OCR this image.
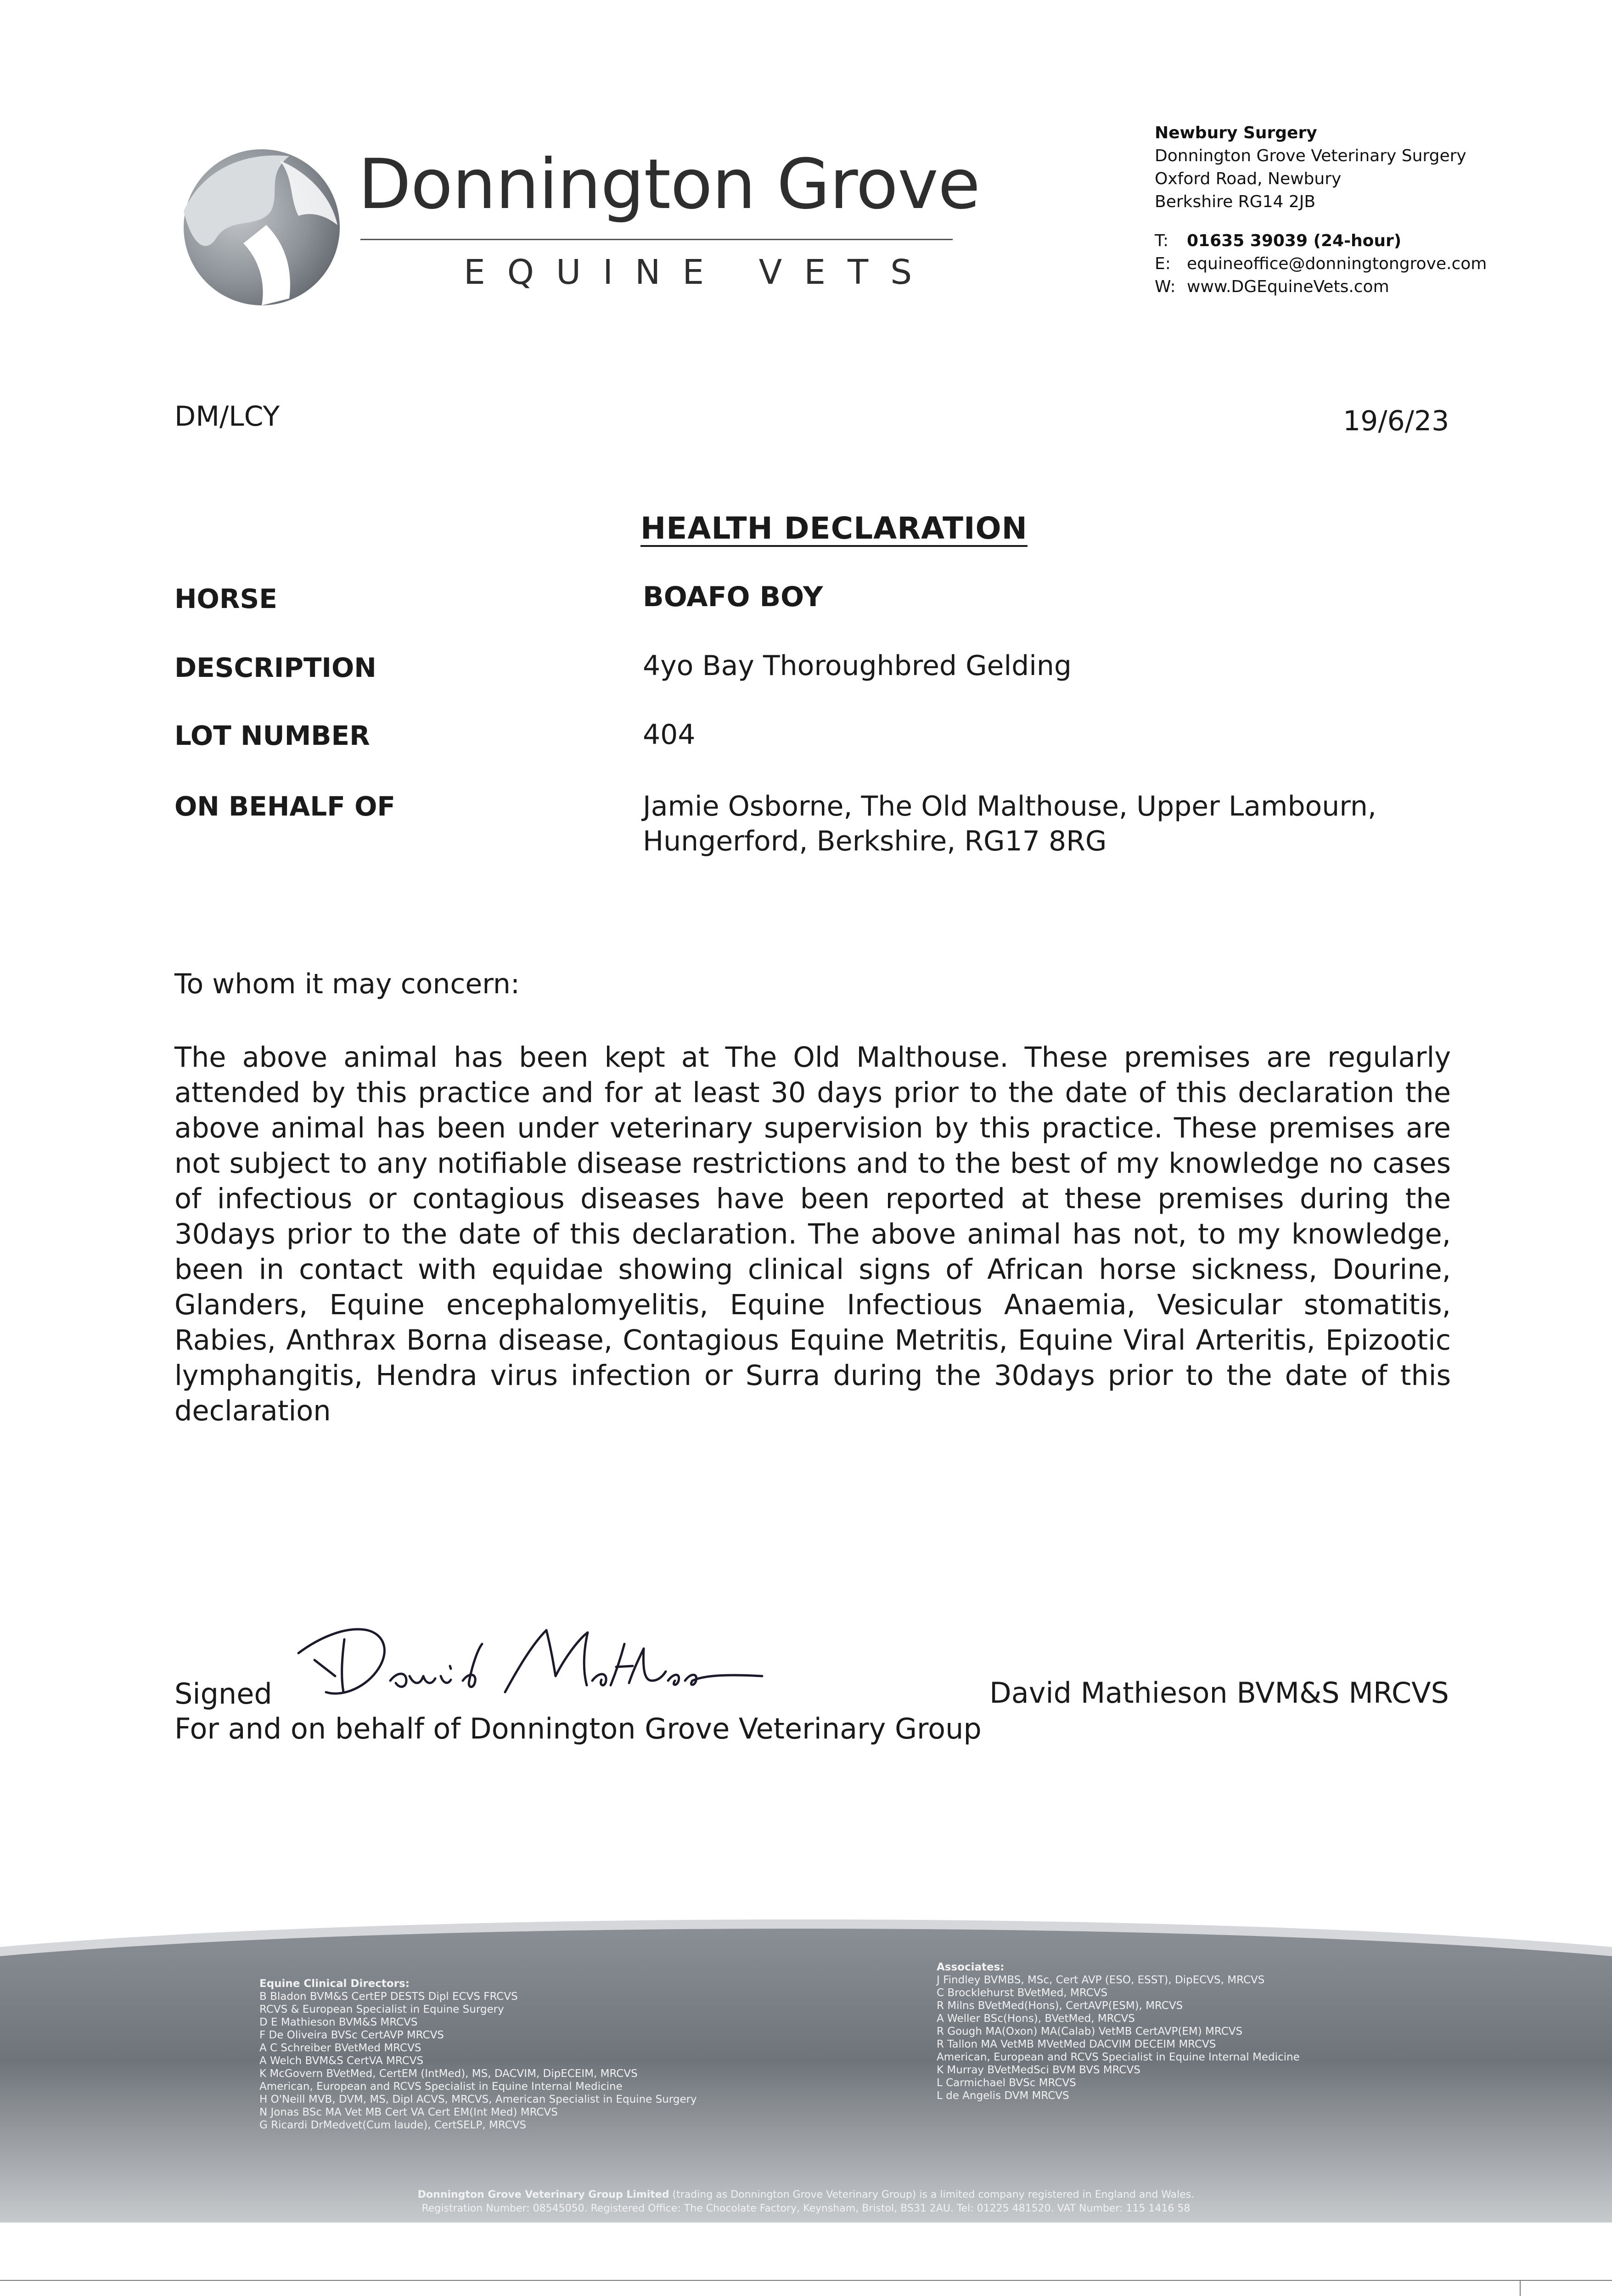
Donnington Grove
EQUINE VETS
Newbury Surgery
Donnington Grove Veterinary Surgery
Oxford Road, Newbury
Berkshire RG14 2JB
T: 01635 39039 (24-hour)
E: equineoffice@donningtongrove.com
W: www.DGEquineVets.com
DM/LCY	19/6/23
HEALTH DECLARATION
HORSE	BOAFO BOY
DESCRIPTION	4yo Bay Thoroughbred Gelding
LOT NUMBER	404
ON BEHALF OF	Jamie Osborne, The Old Malthouse, Upper Lambourn,
Hungerford, Berkshire, RG17 8RG
To whom it may concern:
The above animal has been kept at The Old Malthouse. These premises are regularly attended by this practice and for at least 30 days prior to the date of this declaration the above animal has been under veterinary supervision by this practice. These premises are not subject to any notifiable disease restrictions and to the best of my knowledge no cases of infectious or contagious diseases have been reported at these premises during the 30days prior to the date of this declaration. The above animal has not, to my knowledge, been in contact with equidae showing clinical signs of African horse sickness, Dourine, Glanders, Equine encephalomyelitis, Equine Infectious Anaemia, Vesicular stomatitis, Rabies, Anthrax Borna disease, Contagious Equine Metritis, Equine Viral Arteritis, Epizootic lymphangitis, Hendra virus infection or Surra during the 30days prior to the date of this declaration
Signed	David Mathieson BVM&S MRCVS
For and on behalf of Donnington Grove Veterinary Group
Equine Clinical Directors:
B Bladon BVM&S CertEP DESTS Dipl ECVS FRCVS
RCVS & European Specialist in Equine Surgery
D E Mathieson BVM&S MRCVS
F De Oliveira BVSc CertAVP MRCVS
A C Schreiber BVetMed MRCVS
A Welch BVM&S CertVA MRCVS
K McGovern BVetMed, CertEM (IntMed), MS, DACVIM, DipECEIM, MRCVS
American, European and RCVS Specialist in Equine Internal Medicine
H O'Neill MVB, DVM, MS, Dipl ACVS, MRCVS, American Specialist in Equine Surgery
N Jonas BSc MA Vet MB Cert VA Cert EM(Int Med) MRCVS
G Ricardi DrMedvet(Cum laude), CertSELP, MRCVS
Associates:
J Findley BVMBS, MSc, Cert AVP (ESO, ESST), DipECVS, MRCVS
C Brocklehurst BVetMed, MRCVS
R Milns BVetMed(Hons), CertAVP(ESM), MRCVS
A Weller BSc(Hons), BVetMed, MRCVS
R Gough MA(Oxon) MA(Calab) VetMB CertAVP(EM) MRCVS
R Tallon MA VetMB MVetMed DACVIM DECEIM MRCVS
American, European and RCVS Specialist in Equine Internal Medicine
K Murray BVetMedSci BVM BVS MRCVS
L Carmichael BVSc MRCVS
L de Angelis DVM MRCVS
Donnington Grove Veterinary Group Limited (trading as Donnington Grove Veterinary Group) is a limited company registered in England and Wales.
Registration Number: 08545050. Registered Office: The Chocolate Factory, Keynsham, Bristol, BS31 2AU. Tel: 01225 481520. VAT Number: 115 1416 58
